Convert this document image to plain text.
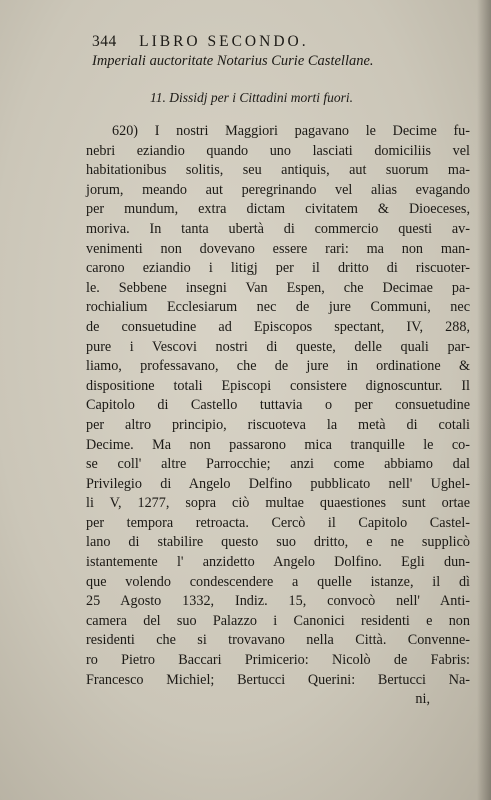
344 LIBRO SECONDO.
Imperiali auctoritate Notarius Curie Castellane.
11. Dissidj per i Cittadini morti fuori.
620) I nostri Maggiori pagavano le Decime fu-
nebri eziandio quando uno lasciati domiciliis vel
habitationibus solitis, seu antiquis, aut suorum ma-
jorum, meando aut peregrinando vel alias evagando
per mundum, extra dictam civitatem & Dioeceses,
moriva. In tanta ubertà di commercio questi av-
venimenti non dovevano essere rari: ma non man-
carono eziandio i litigj per il dritto di riscuoter-
le. Sebbene insegni Van Espen, che Decimae pa-
rochialium Ecclesiarum nec de jure Communi, nec
de consuetudine ad Episcopos spectant, IV, 288,
pure i Vescovi nostri di queste, delle quali par-
liamo, professavano, che de jure in ordinatione &
dispositione totali Episcopi consistere dignoscuntur. Il
Capitolo di Castello tuttavia o per consuetudine
per altro principio, riscuoteva la metà di cotali
Decime. Ma non passarono mica tranquille le co-
se coll' altre Parrocchie; anzi come abbiamo dal
Privilegio di Angelo Delfino pubblicato nell' Ughel-
li V, 1277, sopra ciò multae quaestiones sunt ortae
per tempora retroacta. Cercò il Capitolo Castel-
lano di stabilire questo suo dritto, e ne supplicò
istantemente l' anzidetto Angelo Dolfino. Egli dun-
que volendo condescendere a quelle istanze, il dì
25 Agosto 1332, Indiz. 15, convocò nell' Anti-
camera del suo Palazzo i Canonici residenti e non
residenti che si trovavano nella Città. Convenne-
ro Pietro Baccari Primicerio: Nicolò de Fabris:
Francesco Michiel; Bertucci Querini: Bertucci Na-
ni,
